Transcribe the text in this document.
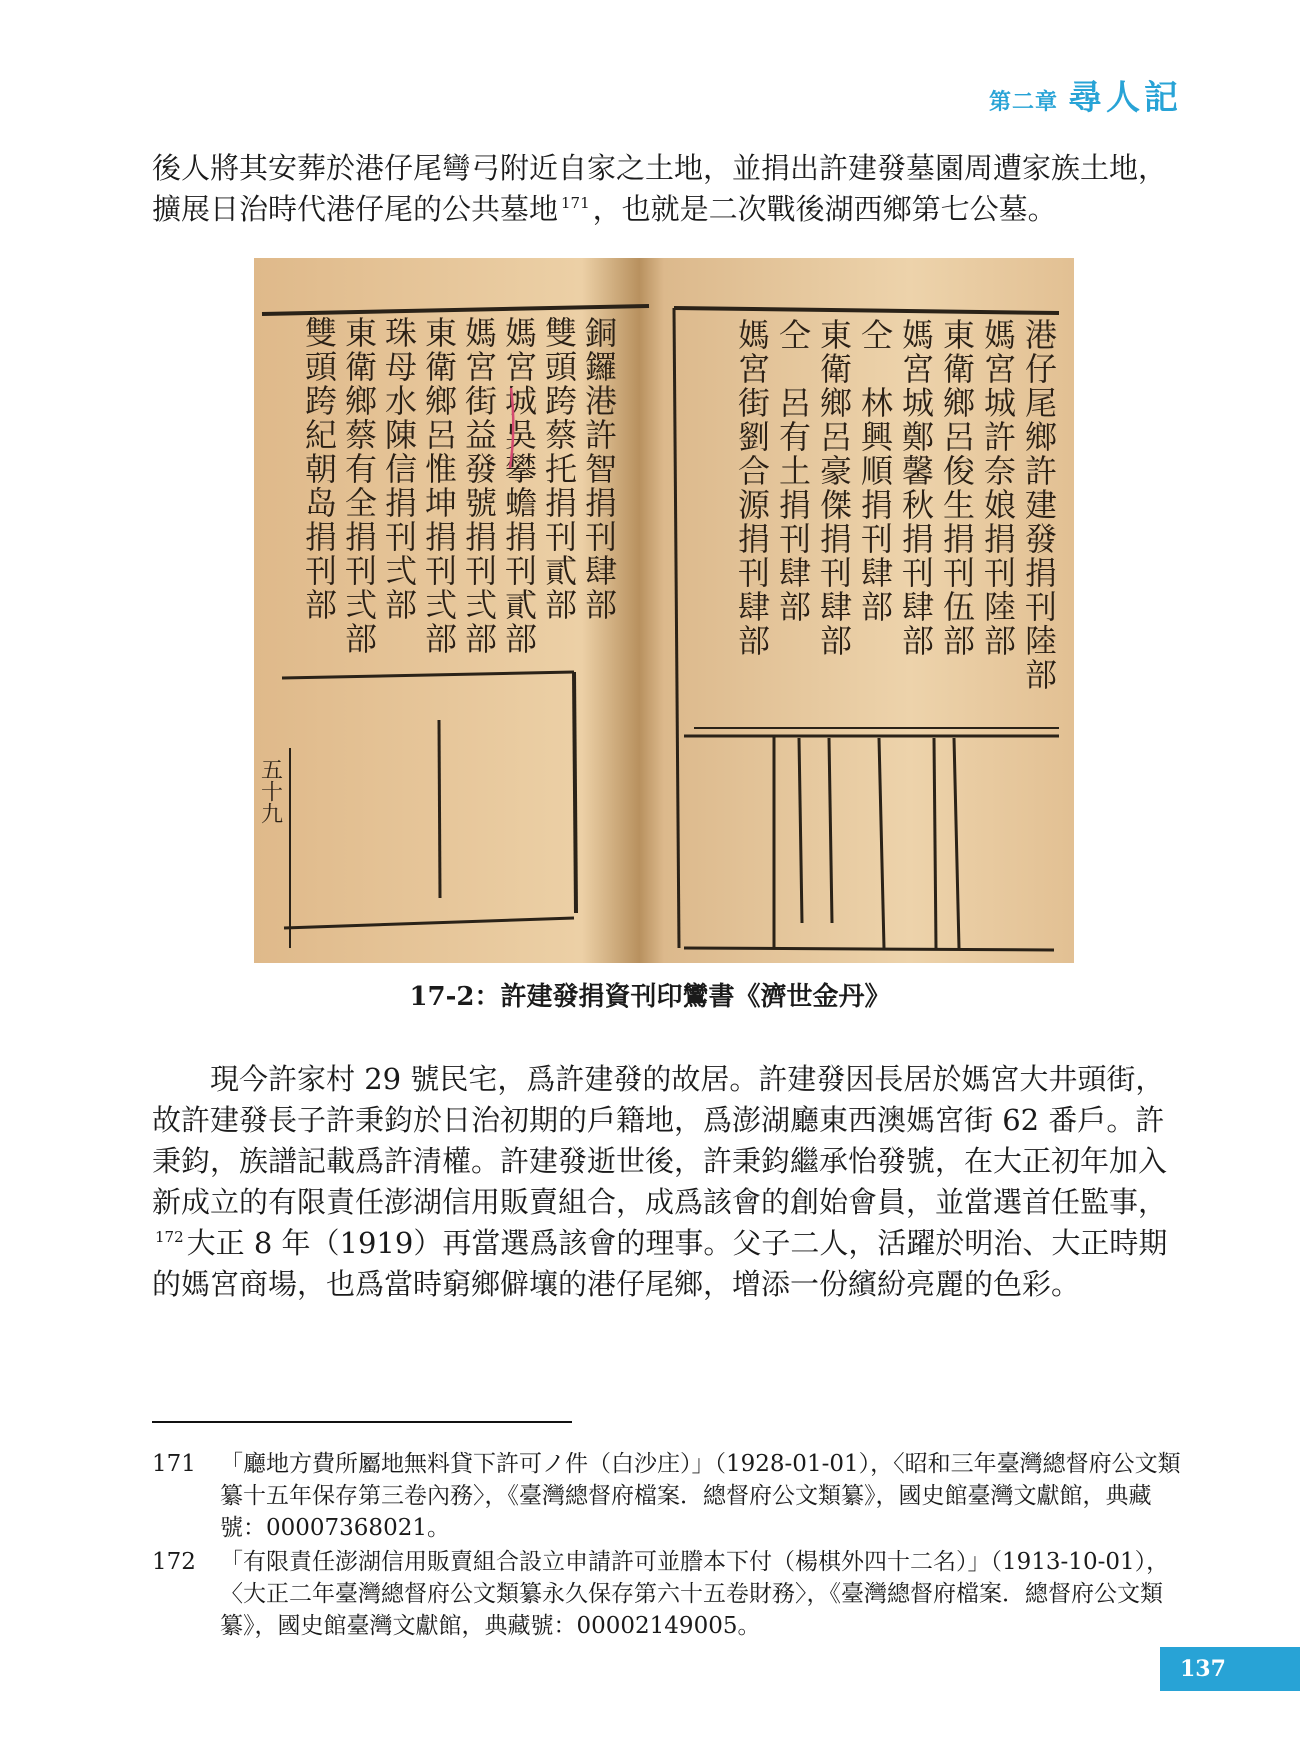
第二章 尋人記

後人將其安葬於港仔尾彎弓附近自家之土地，並捐出許建發墓園周遭家族土地，擴展日治時代港仔尾的公共墓地 $^{171}$ ，也就是二次戰後湖西鄉第七公墓。

銅鑼港許智捐刊肆部
雙頭跨蔡托捐刊貳部
媽宮城吳攀蟾捐刊貳部
媽宮街益發號捐刊弍部
東衛鄉呂惟坤捐刊弍部
珠母水陳信捐刊弍部
東衛鄉蔡有全捐刊弍部
雙頭跨紀朝岛捐刊部	港仔尾鄉許建發捐刊陸部
媽宮城許奈娘捐刊陸部
東衛鄉呂俊生捐刊伍部
媽宮城鄭馨秋捐刊肆部
仝　林興順捐刊肆部
東衛鄉呂豪傑捐刊肆部
仝　呂有土捐刊肆部
媽宮街劉合源捐刊肆部
五十九
17-2：許建發捐資刊印鸞書《濟世金丹》

現今許家村 29 號民宅，爲許建發的故居。許建發因長居於媽宮大井頭街，故許建發長子許秉鈞於日治初期的戶籍地，爲澎湖廳東西澳媽宮街 62 番戶。許秉鈞，族譜記載爲許清權。許建發逝世後，許秉鈞繼承怡發號，在大正初年加入新成立的有限責任澎湖信用販賣組合，成爲該會的創始會員，並當選首任監事，$^{172}$ 大正 8 年（1919）再當選爲該會的理事。父子二人，活躍於明治、大正時期的媽宮商場，也爲當時窮鄉僻壤的港仔尾鄉，增添一份繽紛亮麗的色彩。

171	「廳地方費所屬地無料貸下許可ノ件（白沙庄）」（1928-01-01），〈昭和三年臺灣總督府公文類纂十五年保存第三卷內務〉，《臺灣總督府檔案．總督府公文類纂》，國史館臺灣文獻館，典藏號：00007368021。
172	「有限責任澎湖信用販賣組合設立申請許可並謄本下付（楊棋外四十二名）」（1913-10-01），〈大正二年臺灣總督府公文類纂永久保存第六十五卷財務〉，《臺灣總督府檔案．總督府公文類纂》，國史館臺灣文獻館，典藏號：00002149005。
137
